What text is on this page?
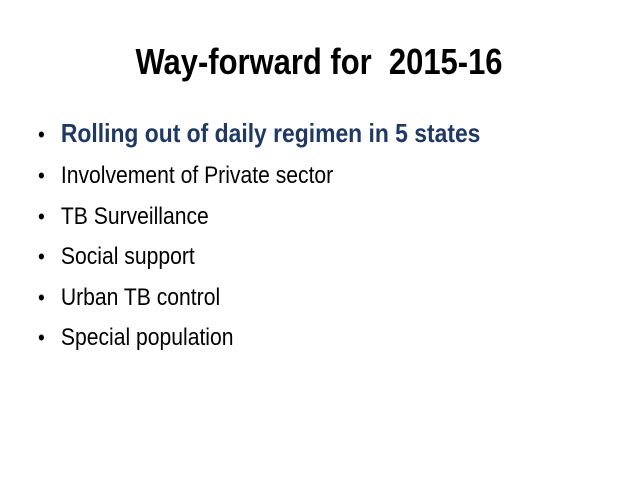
Way-forward for  2015-16
• Rolling out of daily regimen in 5 states
• Involvement of Private sector
• TB Surveillance
• Social support
• Urban TB control
• Special population
